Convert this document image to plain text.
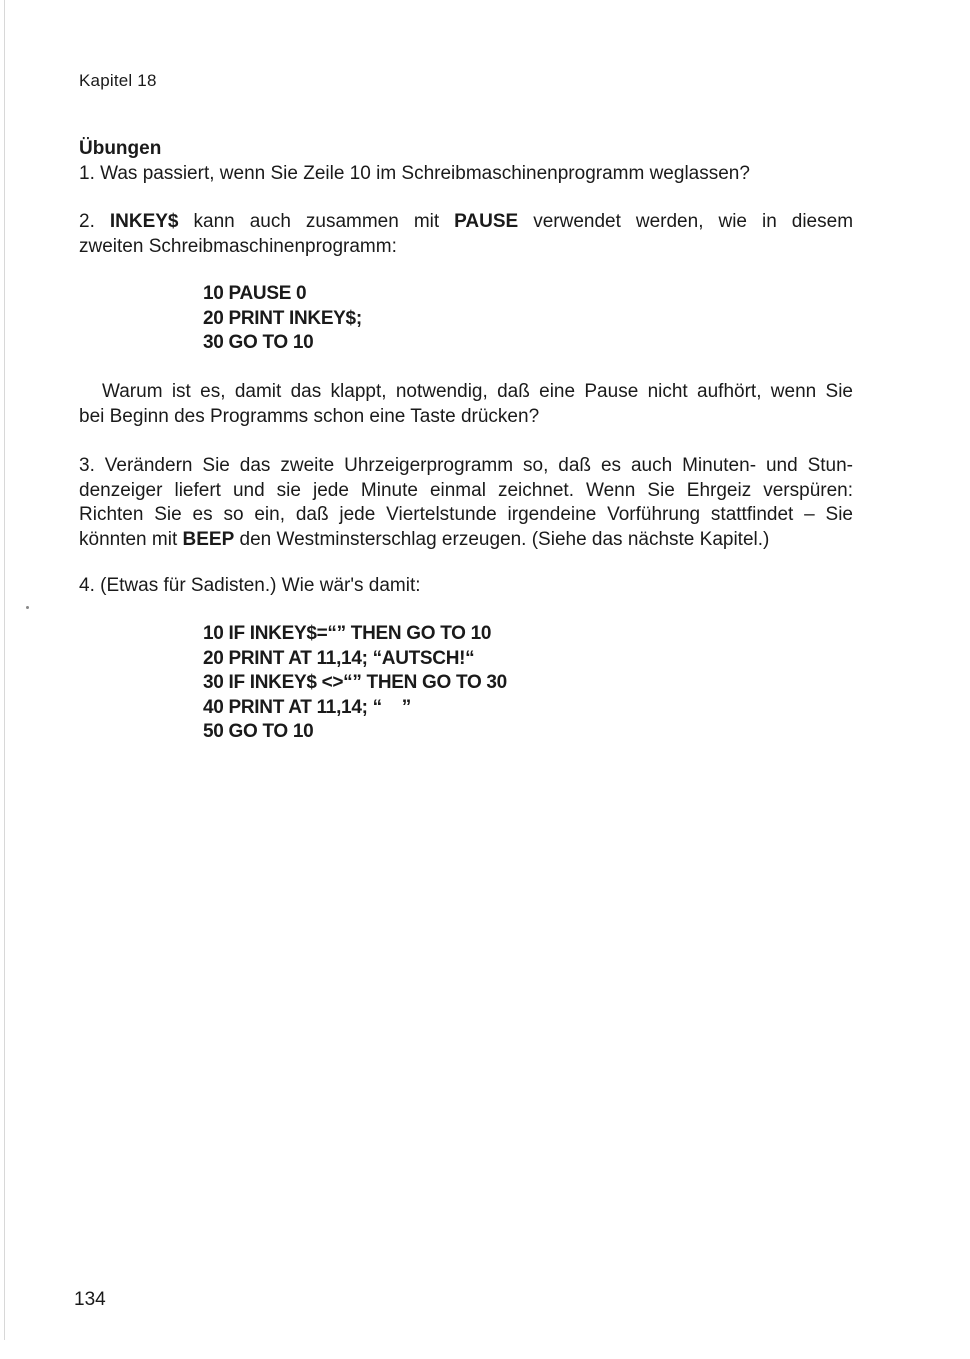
Kapitel 18
Übungen
1. Was passiert, wenn Sie Zeile 10 im Schreibmaschinenprogramm weglassen?
2. INKEY$ kann auch zusammen mit PAUSE verwendet werden, wie in diesem
zweiten Schreibmaschinenprogramm:
10 PAUSE 0
20 PRINT INKEY$;
30 GO TO 10
Warum ist es, damit das klappt, notwendig, daß eine Pause nicht aufhört, wenn Sie
bei Beginn des Programms schon eine Taste drücken?
3. Verändern Sie das zweite Uhrzeigerprogramm so, daß es auch Minuten- und Stun-
denzeiger liefert und sie jede Minute einmal zeichnet. Wenn Sie Ehrgeiz verspüren:
Richten Sie es so ein, daß jede Viertelstunde irgendeine Vorführung stattfindet – Sie
könnten mit BEEP den Westminsterschlag erzeugen. (Siehe das nächste Kapitel.)
4. (Etwas für Sadisten.) Wie wär's damit:
10 IF INKEY$=“” THEN GO TO 10
20 PRINT AT 11,14; “AUTSCH!“
30 IF INKEY$ <>“” THEN GO TO 30
40 PRINT AT 11,14; “    ”
50 GO TO 10
134
